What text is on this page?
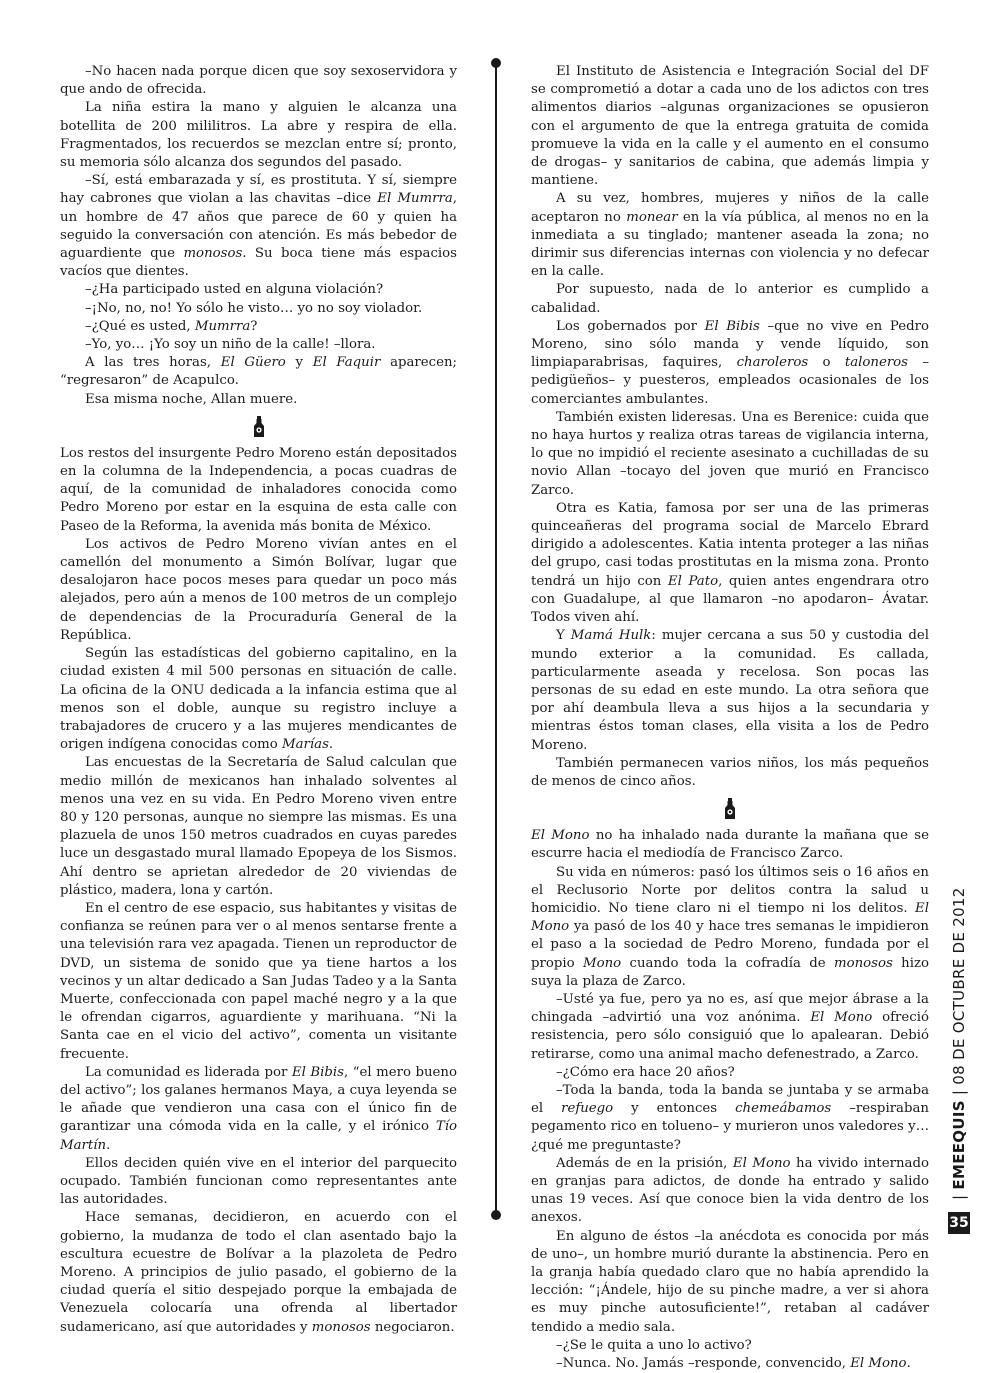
–No hacen nada porque dicen que soy sexoservidora y que ando de ofrecida.

La niña estira la mano y alguien le alcanza una botellita de 200 mililitros. La abre y respira de ella. Fragmentados, los recuerdos se mezclan entre sí; pronto, su memoria sólo alcanza dos segundos del pasado.

–Sí, está embarazada y sí, es prostituta. Y sí, siempre hay cabrones que violan a las chavitas –dice El Mumrra, un hombre de 47 años que parece de 60 y quien ha seguido la conversación con atención. Es más bebedor de aguardiente que monosos. Su boca tiene más espacios vacíos que dientes.

–¿Ha participado usted en alguna violación?

–¡No, no, no! Yo sólo he visto… yo no soy violador.

–¿Qué es usted, Mumrra?

–Yo, yo… ¡Yo soy un niño de la calle! –llora.

A las tres horas, El Güero y El Faquir aparecen; “regresaron” de Acapulco.

Esa misma noche, Allan muere.

Los restos del insurgente Pedro Moreno están depositados en la columna de la Independencia, a pocas cuadras de aquí, de la comunidad de inhaladores conocida como Pedro Moreno por estar en la esquina de esta calle con Paseo de la Reforma, la avenida más bonita de México.

Los activos de Pedro Moreno vivían antes en el camellón del monumento a Simón Bolívar, lugar que desalojaron hace pocos meses para quedar un poco más alejados, pero aún a menos de 100 metros de un complejo de dependencias de la Procuraduría General de la República.

Según las estadísticas del gobierno capitalino, en la ciudad existen 4 mil 500 personas en situación de calle. La oficina de la ONU dedicada a la infancia estima que al menos son el doble, aunque su registro incluye a trabajadores de crucero y a las mujeres mendicantes de origen indígena conocidas como Marías.

Las encuestas de la Secretaría de Salud calculan que medio millón de mexicanos han inhalado solventes al menos una vez en su vida. En Pedro Moreno viven entre 80 y 120 personas, aunque no siempre las mismas. Es una plazuela de unos 150 metros cuadrados en cuyas paredes luce un desgastado mural llamado Epopeya de los Sismos. Ahí dentro se aprietan alrededor de 20 viviendas de plástico, madera, lona y cartón.

En el centro de ese espacio, sus habitantes y visitas de confianza se reúnen para ver o al menos sentarse frente a una televisión rara vez apagada. Tienen un reproductor de DVD, un sistema de sonido que ya tiene hartos a los vecinos y un altar dedicado a San Judas Tadeo y a la Santa Muerte, confeccionada con papel maché negro y a la que le ofrendan cigarros, aguardiente y marihuana. “Ni la Santa cae en el vicio del activo”, comenta un visitante frecuente.

La comunidad es liderada por El Bibis, “el mero bueno del activo”; los galanes hermanos Maya, a cuya leyenda se le añade que vendieron una casa con el único fin de garantizar una cómoda vida en la calle, y el irónico Tío Martín.

Ellos deciden quién vive en el interior del parquecito ocupado. También funcionan como representantes ante las autoridades.

Hace semanas, decidieron, en acuerdo con el gobierno, la mudanza de todo el clan asentado bajo la escultura ecuestre de Bolívar a la plazoleta de Pedro Moreno. A principios de julio pasado, el gobierno de la ciudad quería el sitio despejado porque la embajada de Venezuela colocaría una ofrenda al libertador sudamericano, así que autoridades y monosos negociaron.

El Instituto de Asistencia e Integración Social del DF se comprometió a dotar a cada uno de los adictos con tres alimentos diarios –algunas organizaciones se opusieron con el argumento de que la entrega gratuita de comida promueve la vida en la calle y el aumento en el consumo de drogas– y sanitarios de cabina, que además limpia y mantiene.

A su vez, hombres, mujeres y niños de la calle aceptaron no monear en la vía pública, al menos no en la inmediata a su tinglado; mantener aseada la zona; no dirimir sus diferencias internas con violencia y no defecar en la calle.

Por supuesto, nada de lo anterior es cumplido a cabalidad.

Los gobernados por El Bibis –que no vive en Pedro Moreno, sino sólo manda y vende líquido, son limpiaparabrisas, faquires, charoleros o taloneros –pedigüeños– y puesteros, empleados ocasionales de los comerciantes ambulantes.

También existen lideresas. Una es Berenice: cuida que no haya hurtos y realiza otras tareas de vigilancia interna, lo que no impidió el reciente asesinato a cuchilladas de su novio Allan –tocayo del joven que murió en Francisco Zarco.

Otra es Katia, famosa por ser una de las primeras quinceañeras del programa social de Marcelo Ebrard dirigido a adolescentes. Katia intenta proteger a las niñas del grupo, casi todas prostitutas en la misma zona. Pronto tendrá un hijo con El Pato, quien antes engendrara otro con Guadalupe, al que llamaron –no apodaron– Ávatar. Todos viven ahí.

Y Mamá Hulk: mujer cercana a sus 50 y custodia del mundo exterior a la comunidad. Es callada, particularmente aseada y recelosa. Son pocas las personas de su edad en este mundo. La otra señora que por ahí deambula lleva a sus hijos a la secundaria y mientras éstos toman clases, ella visita a los de Pedro Moreno.

También permanecen varios niños, los más pequeños de menos de cinco años.

El Mono no ha inhalado nada durante la mañana que se escurre hacia el mediodía de Francisco Zarco.

Su vida en números: pasó los últimos seis o 16 años en el Reclusorio Norte por delitos contra la salud u homicidio. No tiene claro ni el tiempo ni los delitos. El Mono ya pasó de los 40 y hace tres semanas le impidieron el paso a la sociedad de Pedro Moreno, fundada por el propio Mono cuando toda la cofradía de monosos hizo suya la plaza de Zarco.

–Usté ya fue, pero ya no es, así que mejor ábrase a la chingada –advirtió una voz anónima. El Mono ofreció resistencia, pero sólo consiguió que lo apalearan. Debió retirarse, como una animal macho defenestrado, a Zarco.

–¿Cómo era hace 20 años?

–Toda la banda, toda la banda se juntaba y se armaba el refuego y entonces chemeábamos –respiraban pegamento rico en tolueno– y murieron unos valedores y… ¿qué me preguntaste?

Además de en la prisión, El Mono ha vivido internado en granjas para adictos, de donde ha entrado y salido unas 19 veces. Así que conoce bien la vida dentro de los anexos.

En alguno de éstos –la anécdota es conocida por más de uno–, un hombre murió durante la abstinencia. Pero en la granja había quedado claro que no había aprendido la lección: “¡Ándele, hijo de su pinche madre, a ver si ahora es muy pinche autosuficiente!”, retaban al cadáver tendido a medio sala.

–¿Se le quita a uno lo activo?

–Nunca. No. Jamás –responde, convencido, El Mono.

| EMEEQUIS | 08 DE OCTUBRE DE 2012
35
